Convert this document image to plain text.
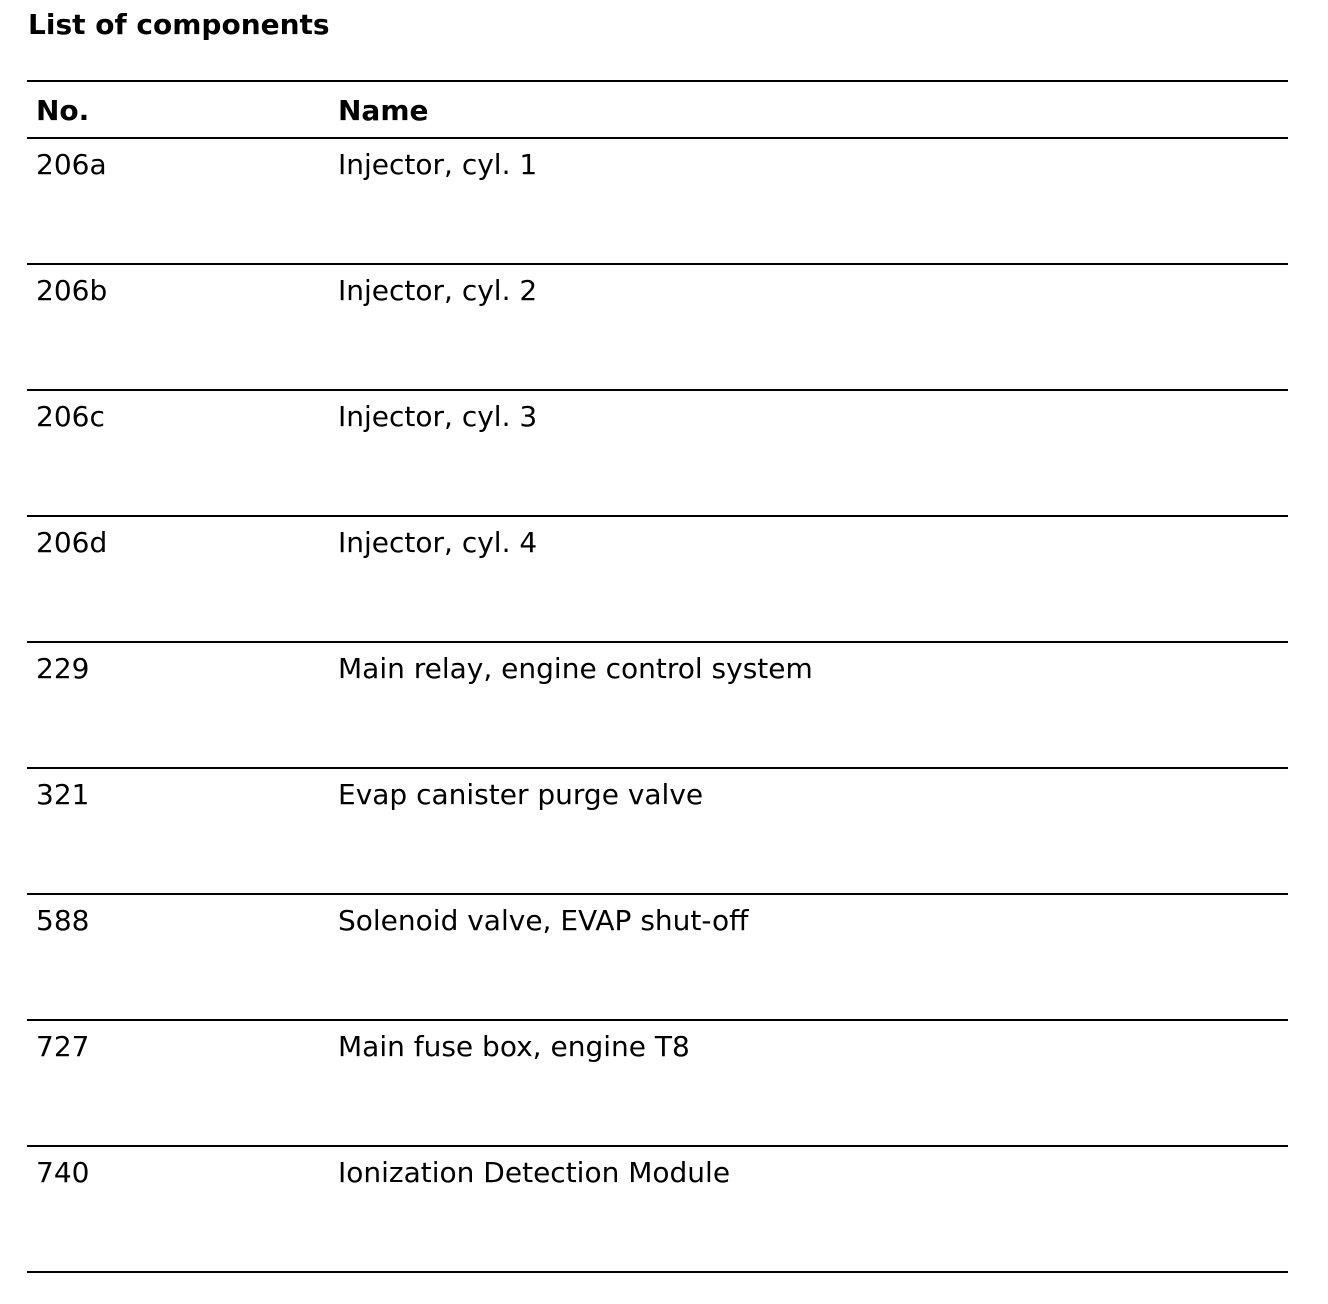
List of components
No.	Name
206a	Injector, cyl. 1
206b	Injector, cyl. 2
206c	Injector, cyl. 3
206d	Injector, cyl. 4
229	Main relay, engine control system
321	Evap canister purge valve
588	Solenoid valve, EVAP shut-off
727	Main fuse box, engine T8
740	Ionization Detection Module
